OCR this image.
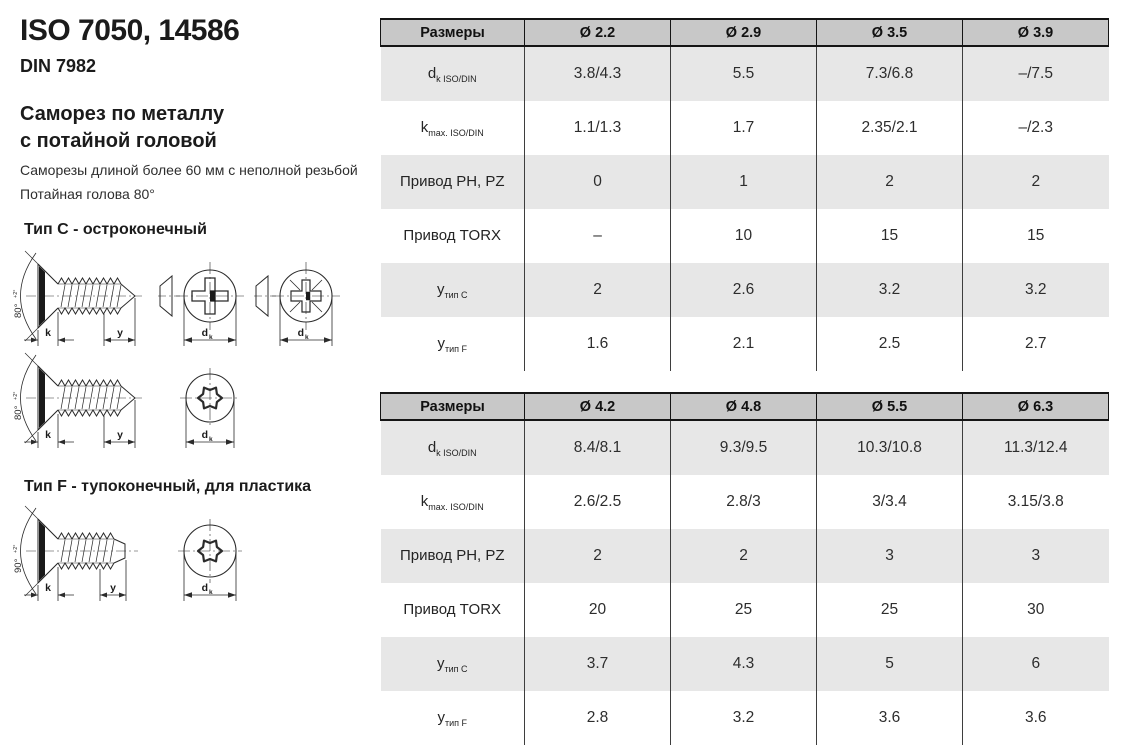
ISO 7050, 14586
DIN 7982
Саморез по металлу
с потайной головой
Саморезы длиной более 60 мм с неполной резьбой
Потайная голова 80°
Тип С - остроконечный
Тип F - тупоконечный, для пластика
80°
+2°
k	y	d k	d k
80°
+2°
k	y	d k
90°
+2°
k	y	d k
Размеры	Ø 2.2	Ø 2.9	Ø 3.5	Ø 3.9
$d_{k ISO/DIN}$	3.8/4.3	5.5	7.3/6.8	–/7.5
$k_{max. ISO/DIN}$	1.1/1.3	1.7	2.35/2.1	–/2.3
Привод PH, PZ	0	1	2	2
Привод TORX	–	10	15	15
$y_{тип C}$	2	2.6	3.2	3.2
$y_{тип F}$	1.6	2.1	2.5	2.7
Размеры	Ø 4.2	Ø 4.8	Ø 5.5	Ø 6.3
$d_{k ISO/DIN}$	8.4/8.1	9.3/9.5	10.3/10.8	11.3/12.4
$k_{max. ISO/DIN}$	2.6/2.5	2.8/3	3/3.4	3.15/3.8
Привод PH, PZ	2	2	3	3
Привод TORX	20	25	25	30
$y_{тип C}$	3.7	4.3	5	6
$y_{тип F}$	2.8	3.2	3.6	3.6
